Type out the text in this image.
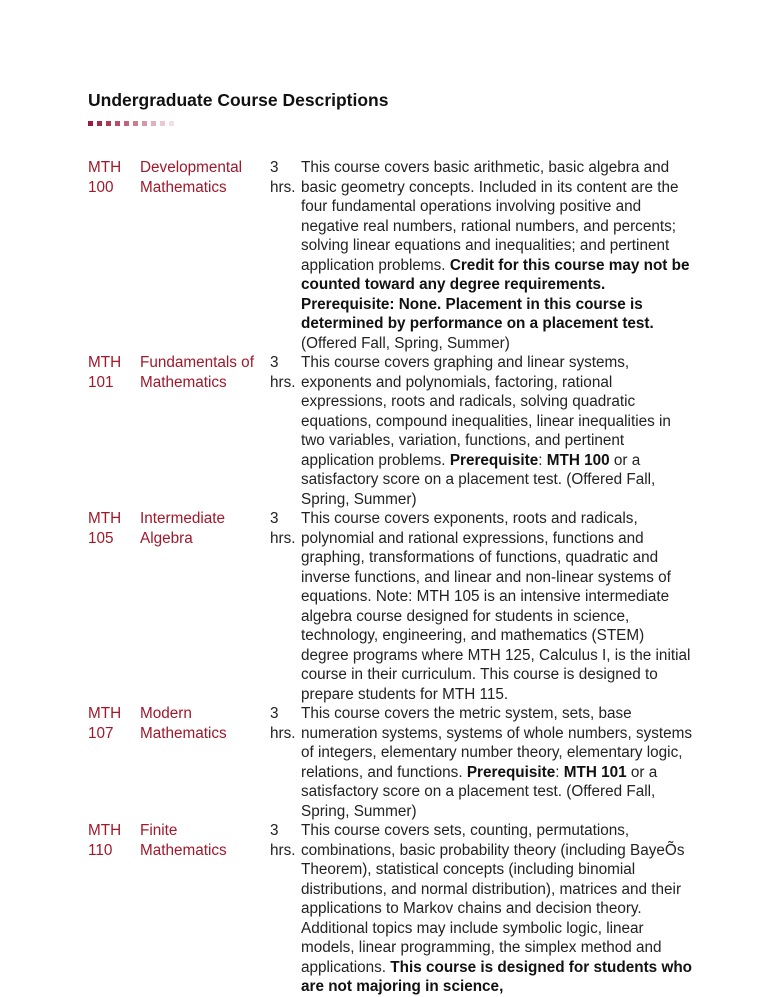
Undergraduate Course Descriptions
MTH 100	Developmental Mathematics	3 hrs.	This course covers basic arithmetic, basic algebra and basic geometry concepts. Included in its content are the four fundamental operations involving positive and negative real numbers, rational numbers, and percents; solving linear equations and inequalities; and pertinent application problems. Credit for this course may not be counted toward any degree requirements. Prerequisite: None. Placement in this course is determined by performance on a placement test.(Offered Fall, Spring, Summer)
MTH 101	Fundamentals of Mathematics	3 hrs.	This course covers graphing and linear systems, exponents and polynomials, factoring, rational expressions, roots and radicals, solving quadratic equations, compound inequalities, linear inequalities in two variables, variation, functions, and pertinent application problems. Prerequisite: MTH 100 or a satisfactory score on a placement test. (Offered Fall, Spring, Summer)
MTH 105	Intermediate Algebra	3 hrs.	This course covers exponents, roots and radicals, polynomial and rational expressions, functions and graphing, transformations of functions, quadratic and inverse functions, and linear and non-linear systems of equations. Note: MTH 105 is an intensive intermediate algebra course designed for students in science, technology, engineering, and mathematics (STEM) degree programs where MTH 125, Calculus I, is the initial course in their curriculum. This course is designed to prepare students for MTH 115.
MTH 107	Modern Mathematics	3 hrs.	This course covers the metric system, sets, base numeration systems, systems of whole numbers, systems of integers, elementary number theory, elementary logic, relations, and functions. Prerequisite: MTH 101 or a satisfactory score on a placement test. (Offered Fall, Spring, Summer)
MTH 110	Finite Mathematics	3 hrs.	This course covers sets, counting, permutations, combinations, basic probability theory (including BayeÕs Theorem), statistical concepts (including binomial distributions, and normal distribution), matrices and their applications to Markov chains and decision theory. Additional topics may include symbolic logic, linear models, linear programming, the simplex method and applications. This course is designed for students who are not majoring in science,
